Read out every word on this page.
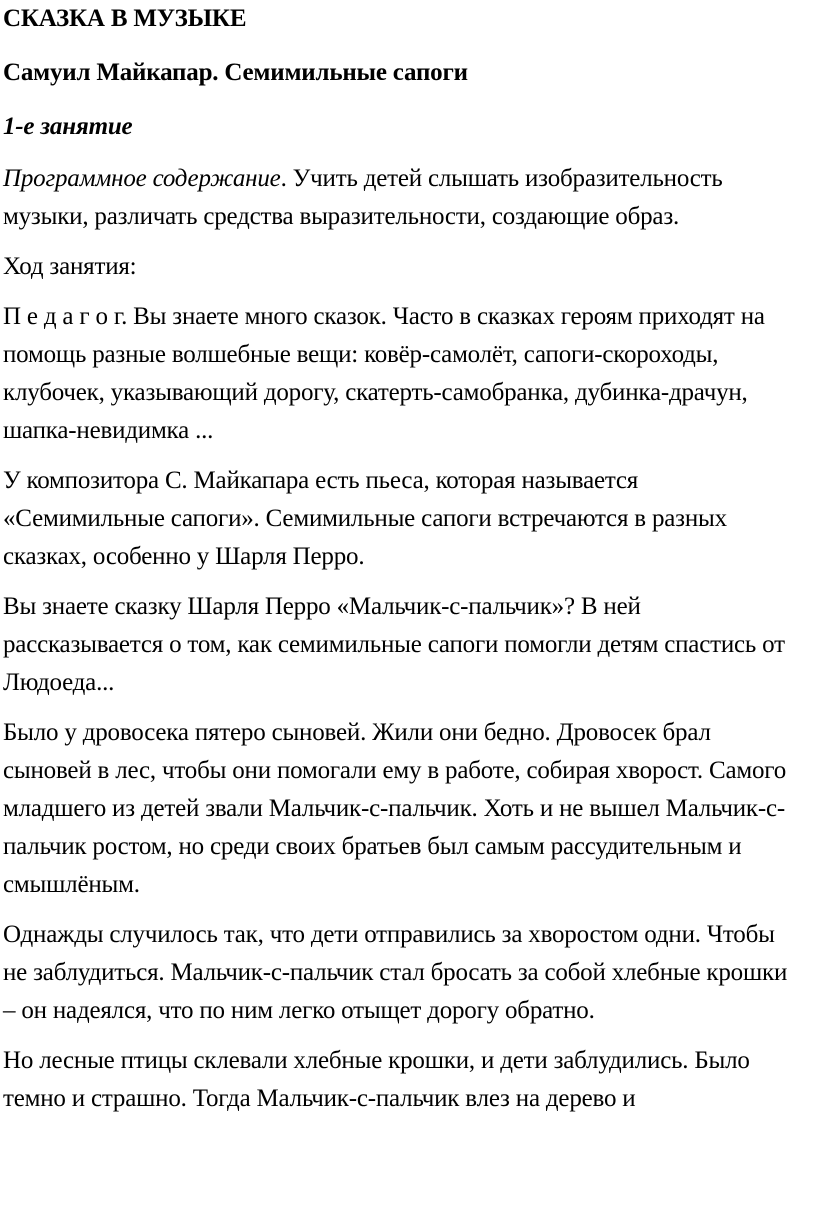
СКАЗКА В МУЗЫКЕ

Самуил Майкапар. Семимильные сапоги

1-е занятие

Программное содержание. Учить детей слышать изобразительность музыки, различать средства выразительности, создающие образ.

Ход занятия:

П е д а г о г. Вы знаете много сказок. Часто в сказках героям приходят на помощь разные волшебные вещи: ковёр-самолёт, сапоги-скороходы, клубочек, указывающий дорогу, скатерть-самобранка, дубинка-драчун, шапка-невидимка ...

У композитора С. Майкапара есть пьеса, которая называется «Семимильные сапоги». Семимильные сапоги встречаются в разных сказках, особенно у Шарля Перро.

Вы знаете сказку Шарля Перро «Мальчик-с-пальчик»? В ней рассказывается о том, как семимильные сапоги помогли детям спастись от Людоеда...

Было у дровосека пятеро сыновей. Жили они бедно. Дровосек брал сыновей в лес, чтобы они помогали ему в работе, собирая хворост. Самого младшего из детей звали Мальчик-с-пальчик. Хоть и не вышел Мальчик-с-пальчик ростом, но среди своих братьев был самым рассудительным и смышлёным.

Однажды случилось так, что дети отправились за хворостом одни. Чтобы не заблудиться. Мальчик-с-пальчик стал бросать за собой хлебные крошки – он надеялся, что по ним легко отыщет дорогу обратно.

Но лесные птицы склевали хлебные крошки, и дети заблудились. Было темно и страшно. Тогда Мальчик-с-пальчик влез на дерево и
